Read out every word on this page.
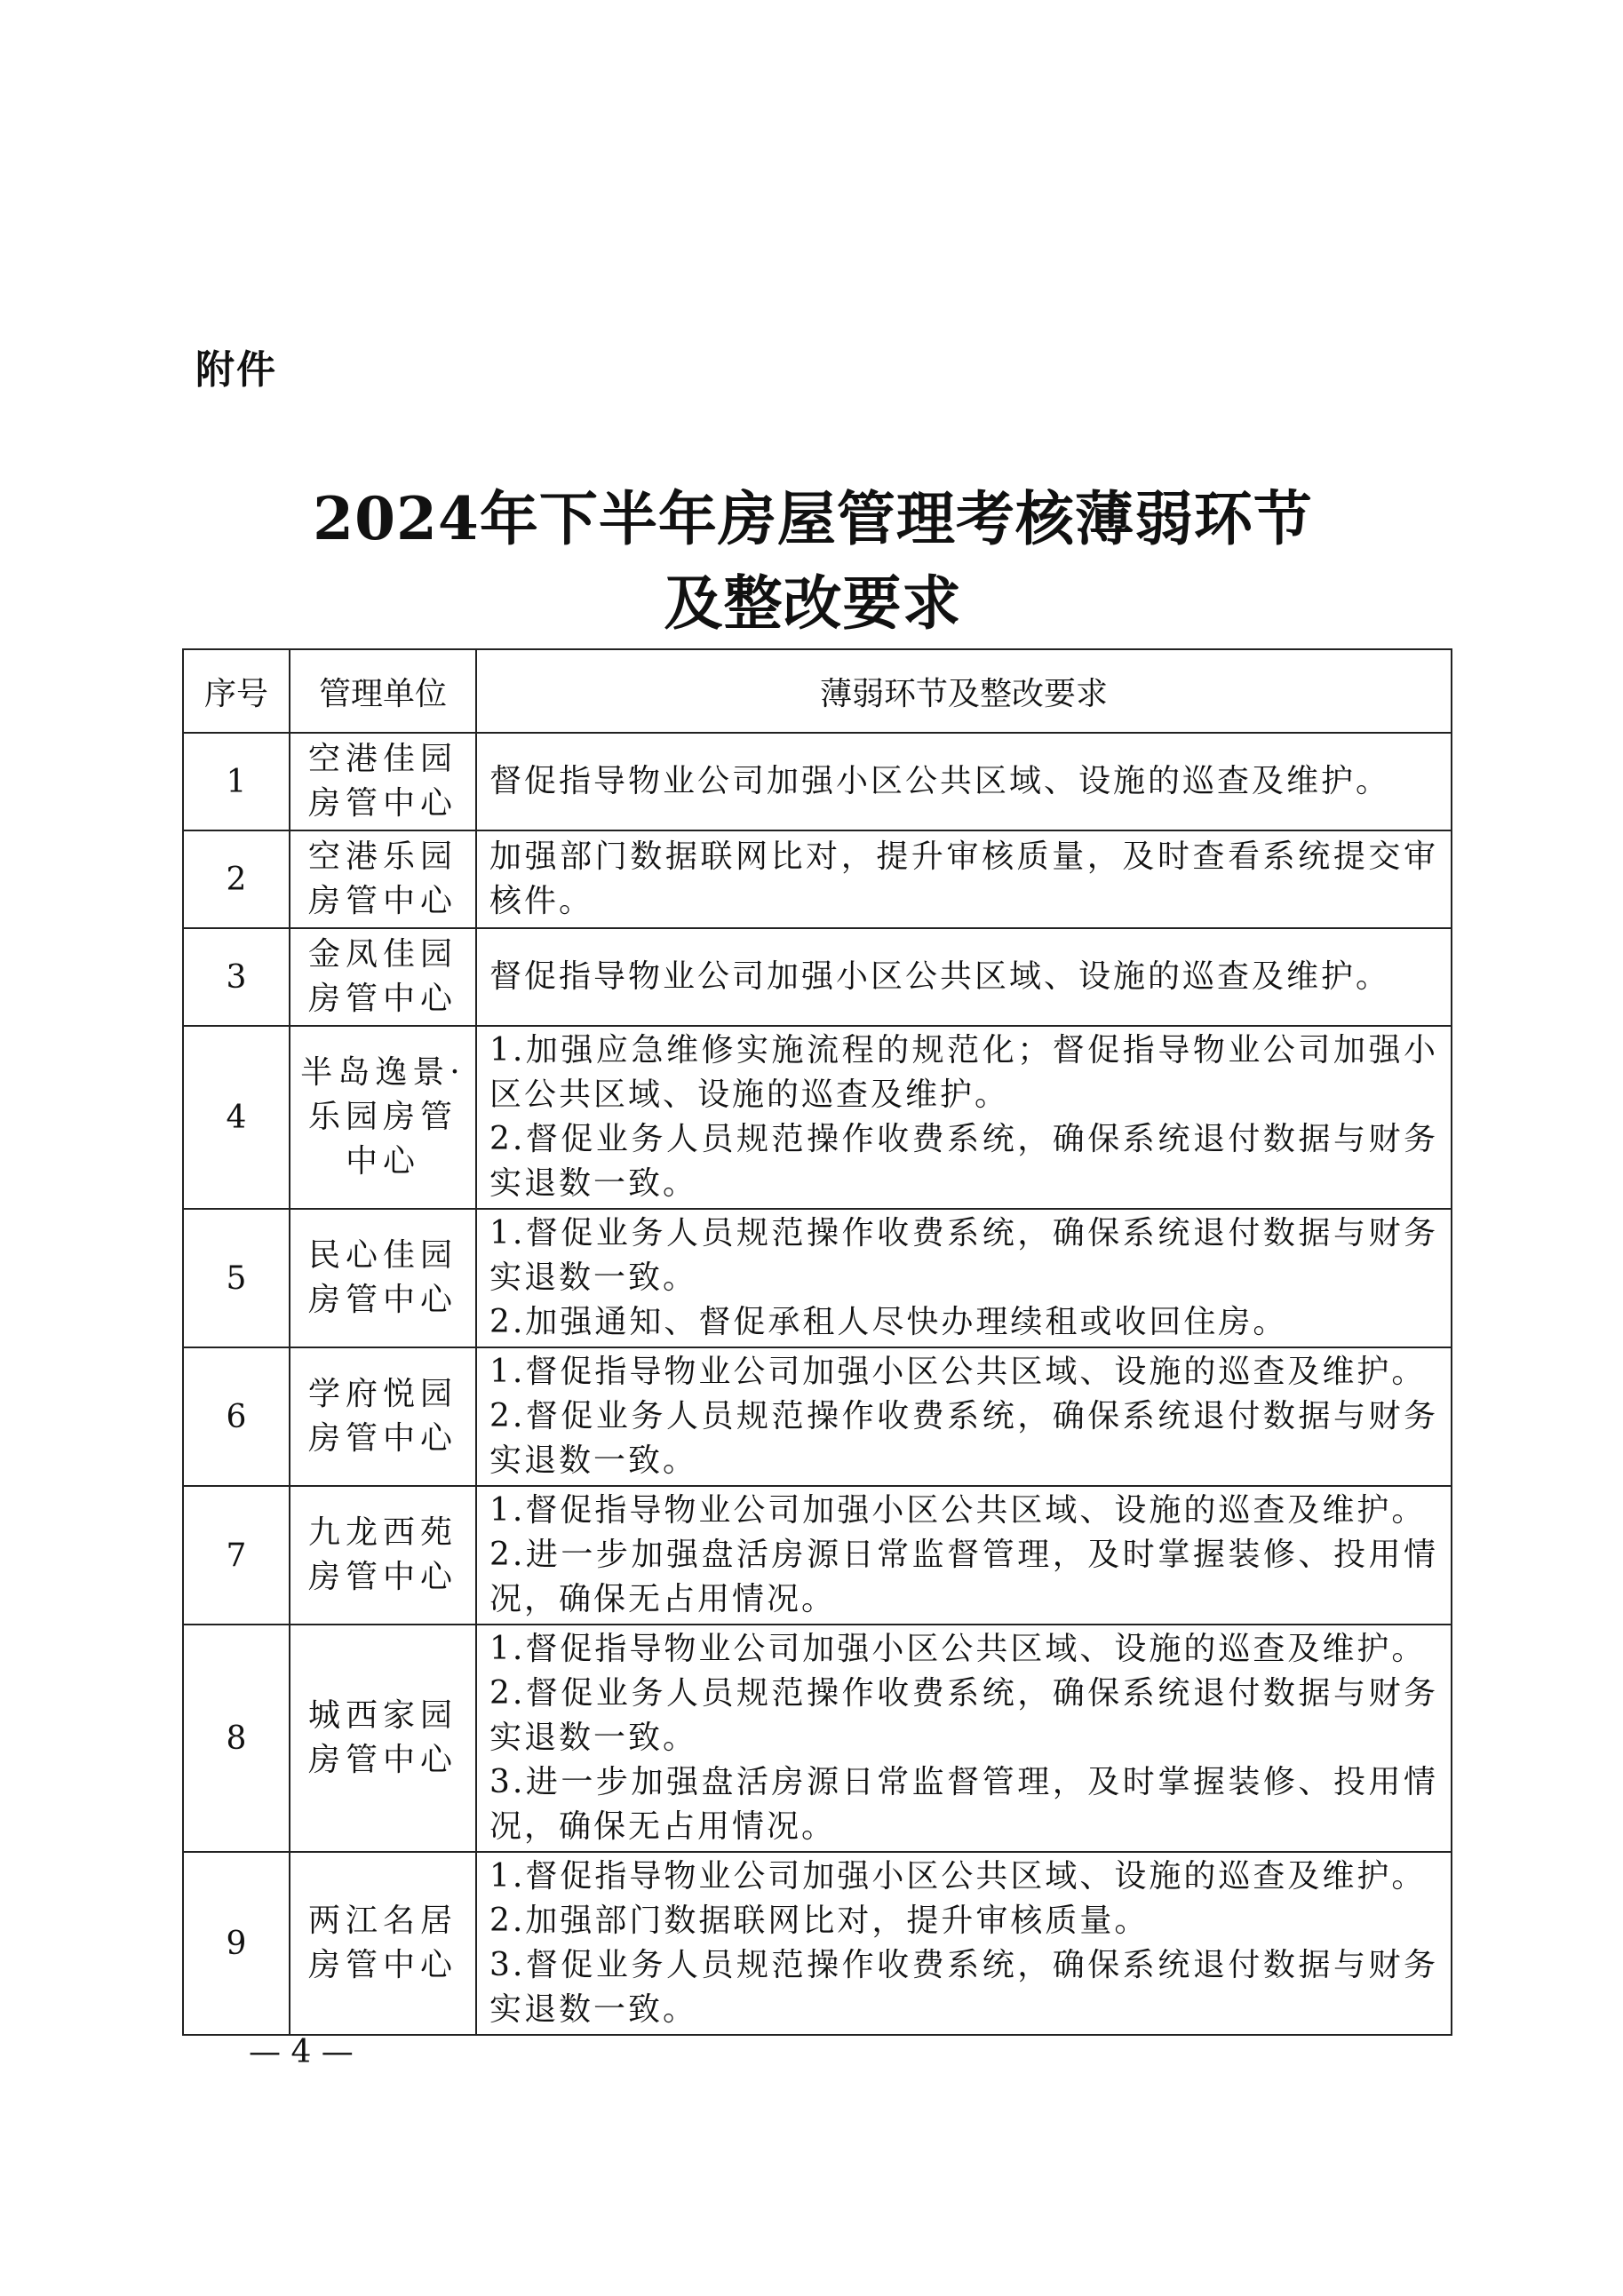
附件
2024年下半年房屋管理考核薄弱环节
及整改要求
序号	管理单位	薄弱环节及整改要求
1	空港佳园房管中心	督促指导物业公司加强小区公共区域、设施的巡查及维护。

2	空港乐园房管中心	加强部门数据联网比对，提升审核质量，及时查看系统提交审核件。

3	金凤佳园房管中心	督促指导物业公司加强小区公共区域、设施的巡查及维护。

4	半岛逸景·乐园房管中心	1.加强应急维修实施流程的规范化；督促指导物业公司加强小区公共区域、设施的巡查及维护。
2.督促业务人员规范操作收费系统，确保系统退付数据与财务实退数一致。

5	民心佳园房管中心	1.督促业务人员规范操作收费系统，确保系统退付数据与财务实退数一致。
2.加强通知、督促承租人尽快办理续租或收回住房。

6	学府悦园房管中心	1.督促指导物业公司加强小区公共区域、设施的巡查及维护。
2.督促业务人员规范操作收费系统，确保系统退付数据与财务实退数一致。

7	九龙西苑房管中心	1.督促指导物业公司加强小区公共区域、设施的巡查及维护。
2.进一步加强盘活房源日常监督管理，及时掌握装修、投用情况，确保无占用情况。

8	城西家园房管中心	1.督促指导物业公司加强小区公共区域、设施的巡查及维护。
2.督促业务人员规范操作收费系统，确保系统退付数据与财务实退数一致。
3.进一步加强盘活房源日常监督管理，及时掌握装修、投用情况，确保无占用情况。

9	两江名居房管中心	1.督促指导物业公司加强小区公共区域、设施的巡查及维护。
2.加强部门数据联网比对，提升审核质量。
3.督促业务人员规范操作收费系统，确保系统退付数据与财务实退数一致。
— 4 —
